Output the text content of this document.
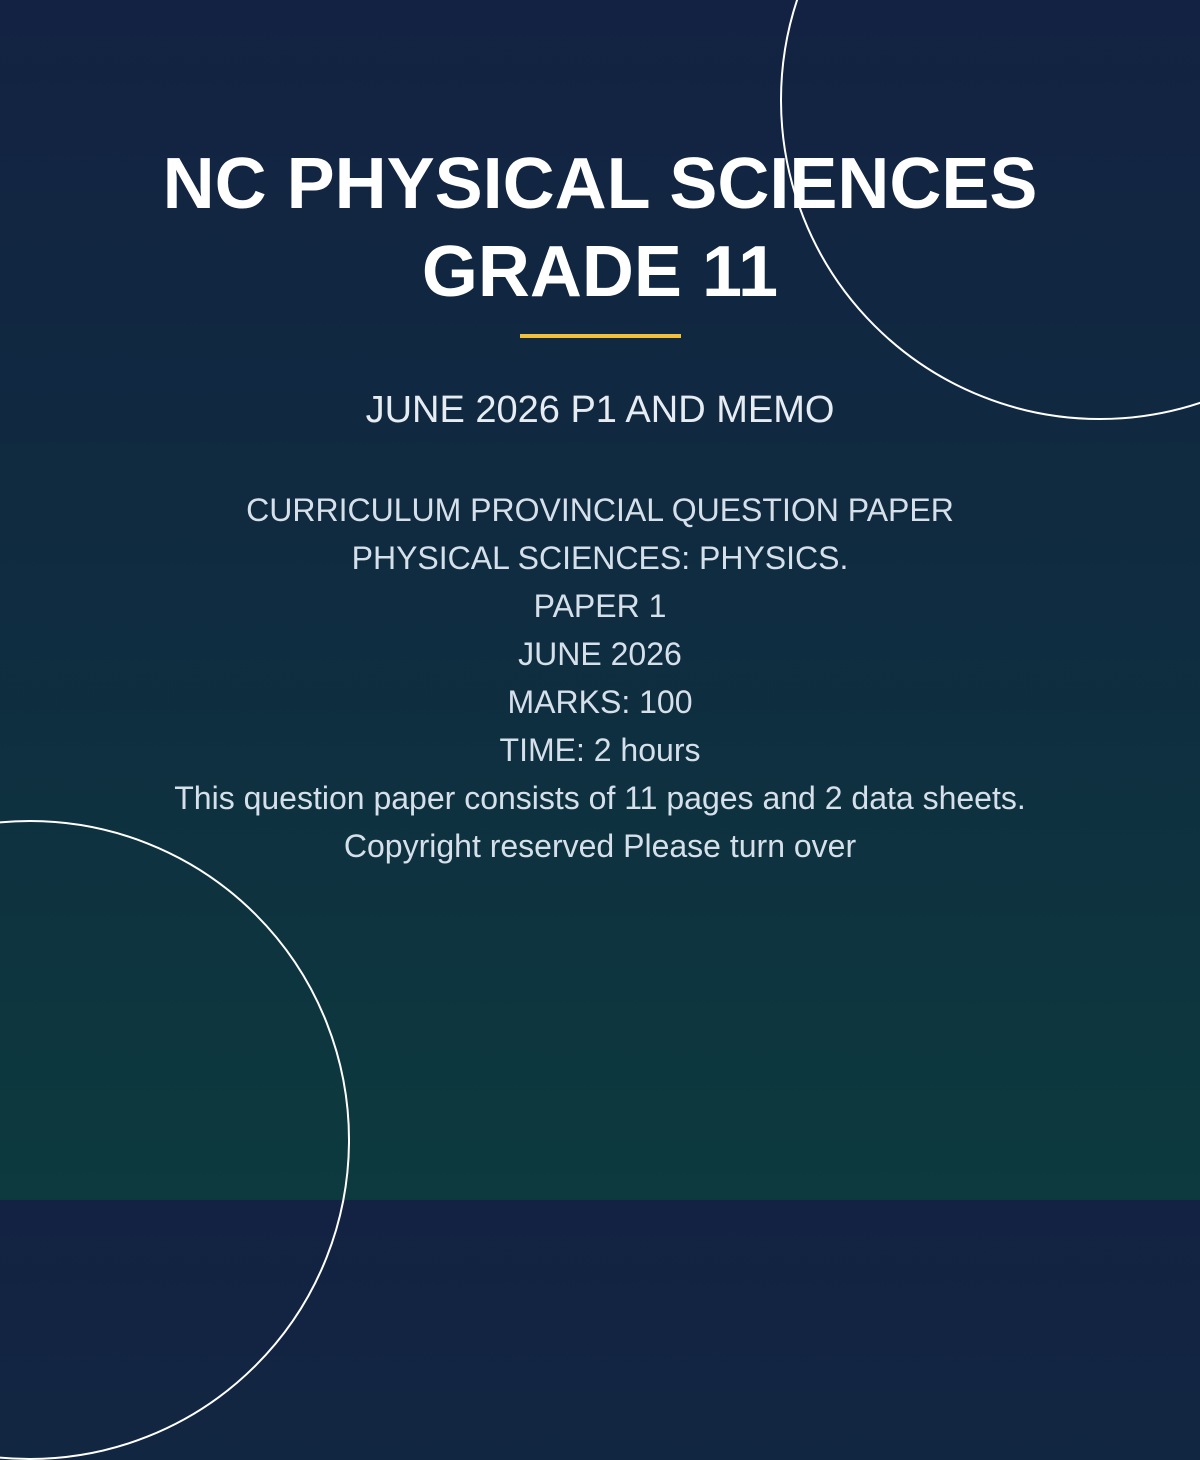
NC PHYSICAL SCIENCES
GRADE 11
JUNE 2026 P1 AND MEMO
CURRICULUM PROVINCIAL QUESTION PAPER
PHYSICAL SCIENCES: PHYSICS.
PAPER 1
JUNE 2026
MARKS: 100
TIME: 2 hours
This question paper consists of 11 pages and 2 data sheets.
Copyright reserved Please turn over
